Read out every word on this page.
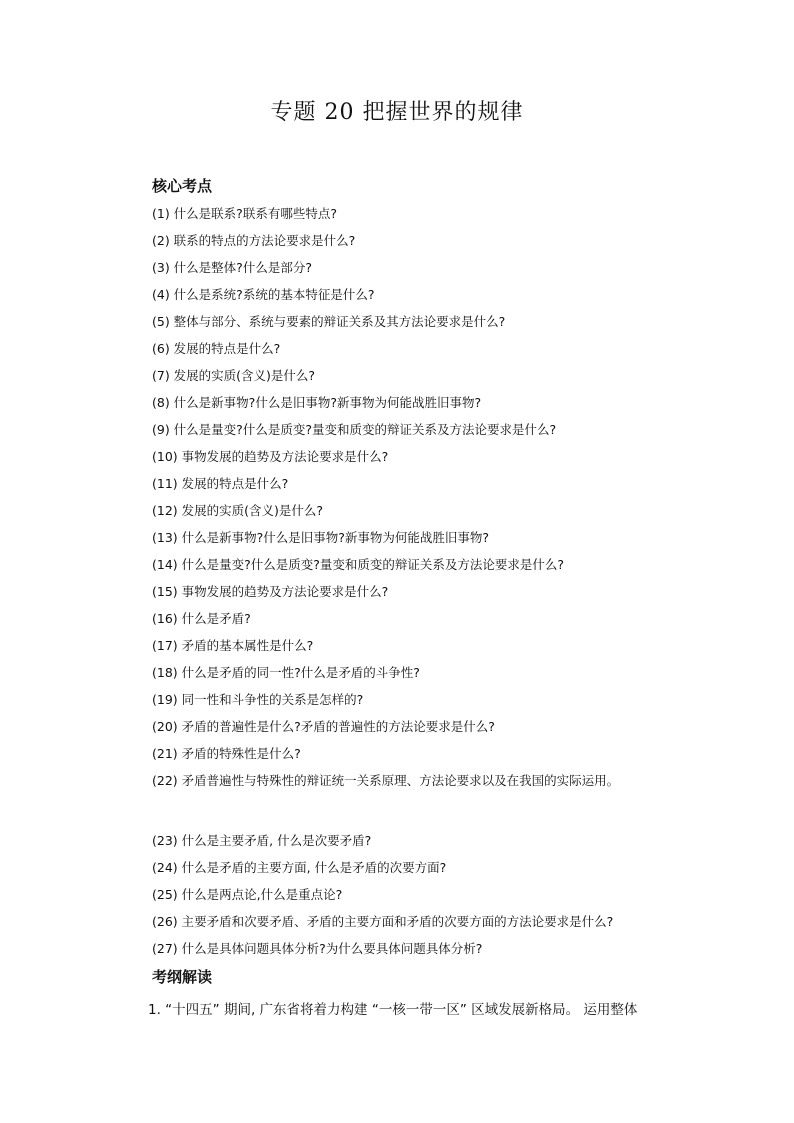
专题 20 把握世界的规律
核心考点
(1) 什么是联系?联系有哪些特点?
(2) 联系的特点的方法论要求是什么?
(3) 什么是整体?什么是部分?
(4) 什么是系统?系统的基本特征是什么?
(5) 整体与部分、系统与要素的辩证关系及其方法论要求是什么?
(6) 发展的特点是什么?
(7) 发展的实质(含义)是什么?
(8) 什么是新事物?什么是旧事物?新事物为何能战胜旧事物?
(9) 什么是量变?什么是质变?量变和质变的辩证关系及方法论要求是什么?
(10) 事物发展的趋势及方法论要求是什么?
(11) 发展的特点是什么?
(12) 发展的实质(含义)是什么?
(13) 什么是新事物?什么是旧事物?新事物为何能战胜旧事物?
(14) 什么是量变?什么是质变?量变和质变的辩证关系及方法论要求是什么?
(15) 事物发展的趋势及方法论要求是什么?
(16) 什么是矛盾?
(17) 矛盾的基本属性是什么?
(18) 什么是矛盾的同一性?什么是矛盾的斗争性?
(19) 同一性和斗争性的关系是怎样的?
(20) 矛盾的普遍性是什么?矛盾的普遍性的方法论要求是什么?
(21) 矛盾的特殊性是什么?
(22) 矛盾普遍性与特殊性的辩证统一关系原理、方法论要求以及在我国的实际运用。
(23) 什么是主要矛盾, 什么是次要矛盾?
(24) 什么是矛盾的主要方面, 什么是矛盾的次要方面?
(25) 什么是两点论,什么是重点论?
(26) 主要矛盾和次要矛盾、矛盾的主要方面和矛盾的次要方面的方法论要求是什么?
(27) 什么是具体问题具体分析?为什么要具体问题具体分析?
考纲解读
1. “十四五” 期间, 广东省将着力构建 “一核一带一区” 区域发展新格局。 运用整体
